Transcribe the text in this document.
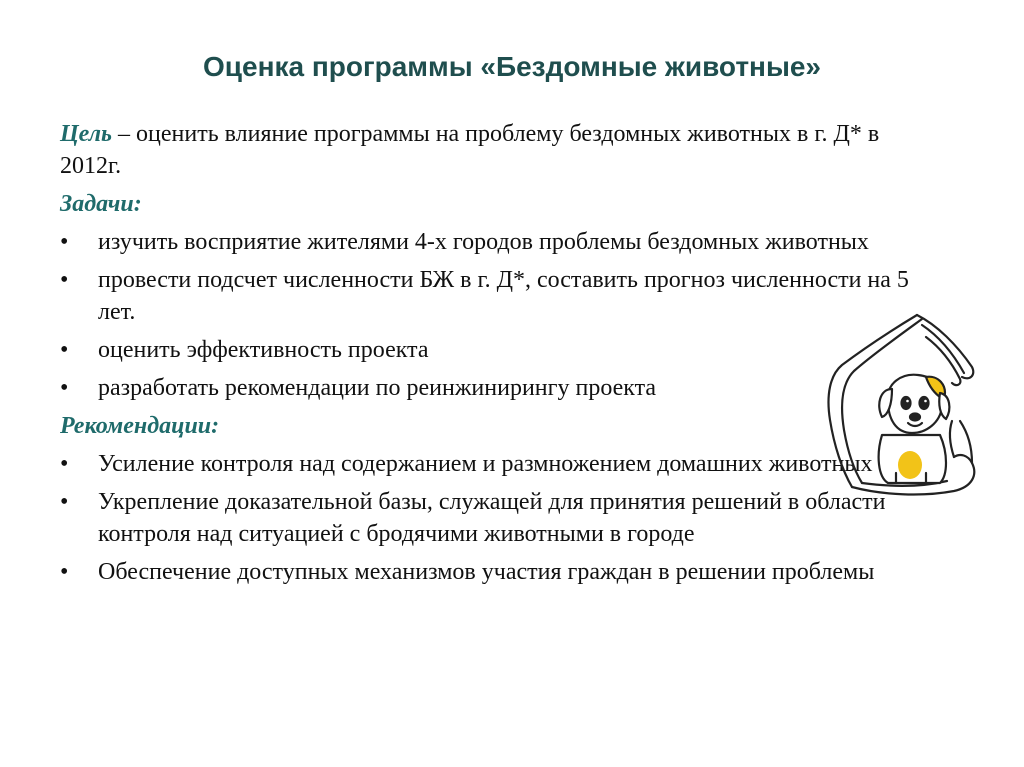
Оценка программы «Бездомные животные»

Цель – оценить влияние программы на проблему бездомных животных в г. Д* в 2012г.

Задачи:
•	изучить восприятие жителями 4-х городов проблемы бездомных животных
•	провести подсчет численности БЖ в г. Д*, составить прогноз численности на 5 лет.
•	оценить эффективность проекта
•	разработать рекомендации по реинжинирингу проекта
Рекомендации:
•	Усиление контроля над содержанием и размножением домашних животных
•	Укрепление доказательной базы, служащей для принятия решений в области контроля над ситуацией с бродячими животными в городе
•	Обеспечение доступных механизмов участия граждан в решении проблемы
